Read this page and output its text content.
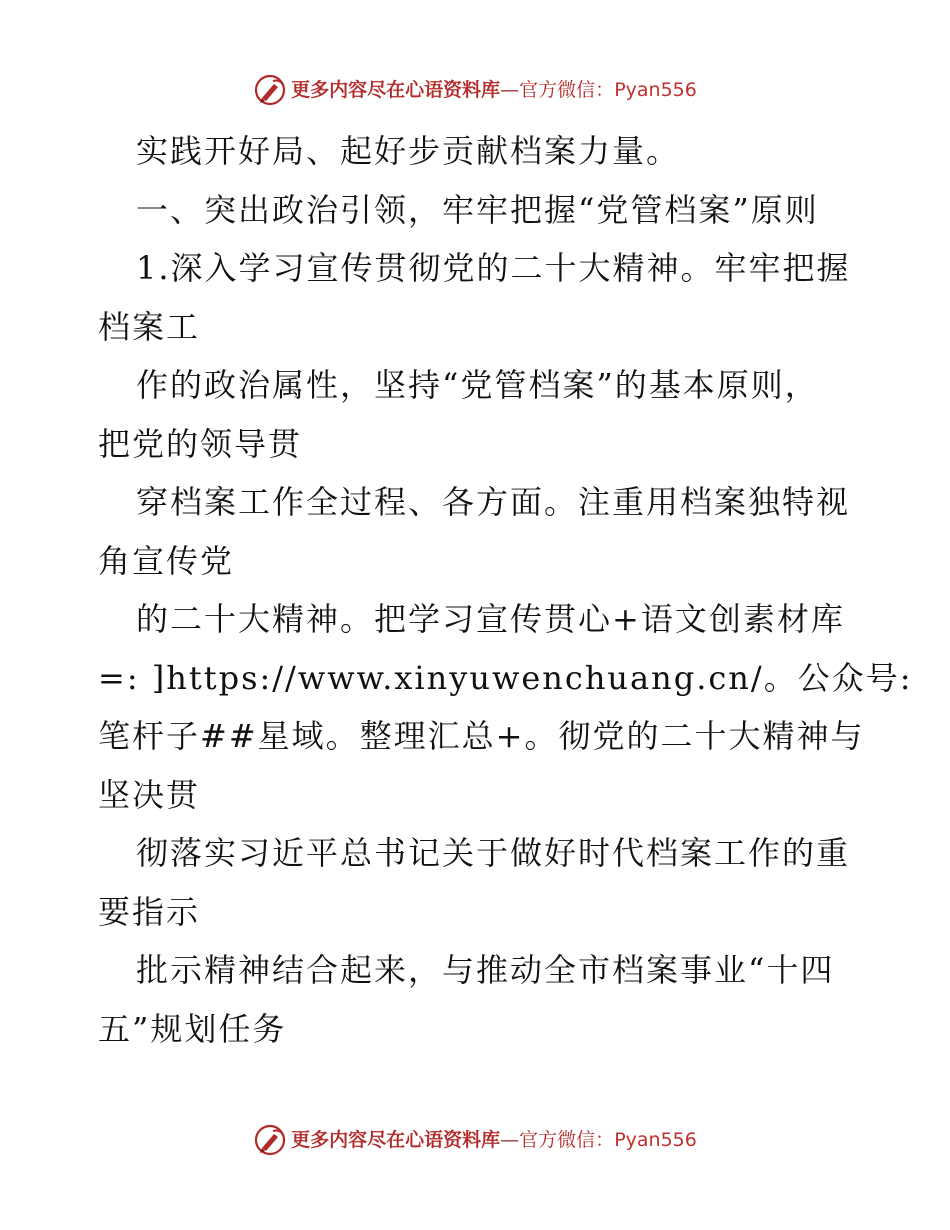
更多内容尽在心语资料库—官方微信：Pyan556
实践开好局、起好步贡献档案力量。
一、突出政治引领，牢牢把握“党管档案”原则
1.深入学习宣传贯彻党的二十大精神。牢牢把握
档案工
作的政治属性，坚持“党管档案”的基本原则，
把党的领导贯
穿档案工作全过程、各方面。注重用档案独特视
角宣传党
的二十大精神。把学习宣传贯心+语文创素材库
=: ]https://www.xinyuwenchuang.cn/。公众号:
笔杆子##星域。整理汇总+。彻党的二十大精神与
坚决贯
彻落实习近平总书记关于做好时代档案工作的重
要指示
批示精神结合起来，与推动全市档案事业“十四
五”规划任务
更多内容尽在心语资料库—官方微信：Pyan556
